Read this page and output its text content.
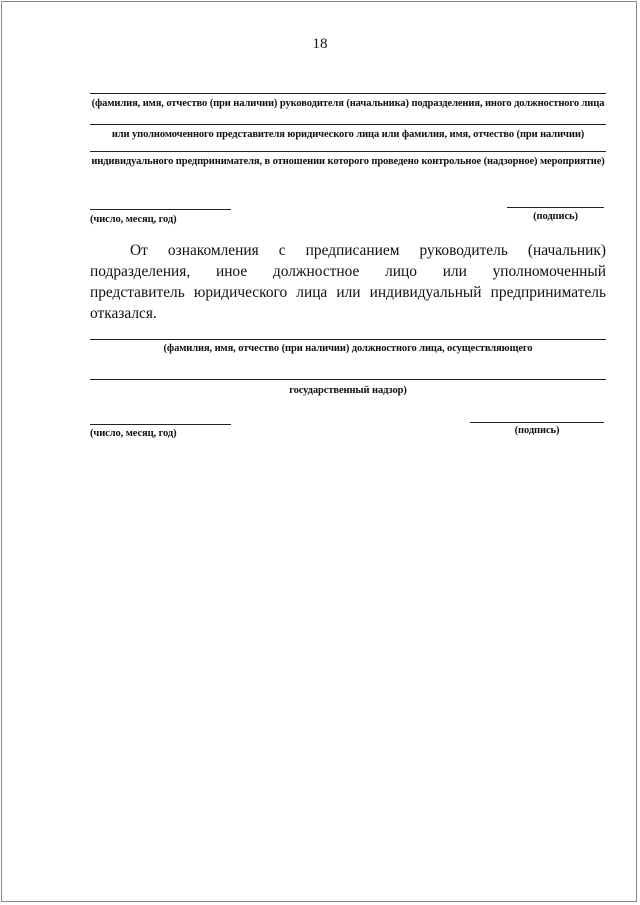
18
(фамилия, имя, отчество (при наличии) руководителя (начальника) подразделения, иного должностного лица
или уполномоченного представителя юридического лица или фамилия, имя, отчество (при наличии)
индивидуального предпринимателя, в отношении которого проведено контрольное (надзорное) мероприятие)
(число, месяц, год)	(подпись)
От ознакомления с предписанием руководитель (начальник) подразделения, иное должностное лицо или уполномоченный представитель юридического лица или индивидуальный предприниматель отказался.
(фамилия, имя, отчество (при наличии) должностного лица, осуществляющего
государственный надзор)
(число, месяц, год)	(подпись)
